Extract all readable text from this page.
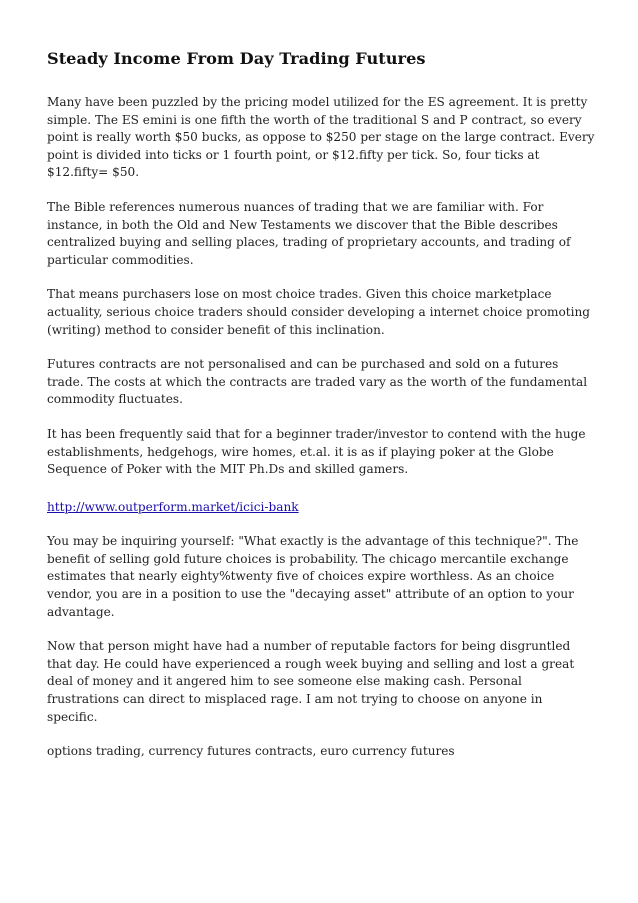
Steady Income From Day Trading Futures

Many have been puzzled by the pricing model utilized for the ES agreement. It is pretty simple. The ES emini is one fifth the worth of the traditional S and P contract, so every point is really worth $50 bucks, as oppose to $250 per stage on the large contract. Every point is divided into ticks or 1 fourth point, or $12.fifty per tick. So, four ticks at $12.fifty= $50.

The Bible references numerous nuances of trading that we are familiar with. For instance, in both the Old and New Testaments we discover that the Bible describes centralized buying and selling places, trading of proprietary accounts, and trading of particular commodities.

That means purchasers lose on most choice trades. Given this choice marketplace actuality, serious choice traders should consider developing a internet choice promoting (writing) method to consider benefit of this inclination.

Futures contracts are not personalised and can be purchased and sold on a futures trade. The costs at which the contracts are traded vary as the worth of the fundamental commodity fluctuates.

It has been frequently said that for a beginner trader/investor to contend with the huge establishments, hedgehogs, wire homes, et.al. it is as if playing poker at the Globe Sequence of Poker with the MIT Ph.Ds and skilled gamers.

http://www.outperform.market/icici-bank

You may be inquiring yourself: "What exactly is the advantage of this technique?". The benefit of selling gold future choices is probability. The chicago mercantile exchange estimates that nearly eighty%twenty five of choices expire worthless. As an choice vendor, you are in a position to use the "decaying asset" attribute of an option to your advantage.

Now that person might have had a number of reputable factors for being disgruntled that day. He could have experienced a rough week buying and selling and lost a great deal of money and it angered him to see someone else making cash. Personal frustrations can direct to misplaced rage. I am not trying to choose on anyone in specific.

options trading, currency futures contracts, euro currency futures
